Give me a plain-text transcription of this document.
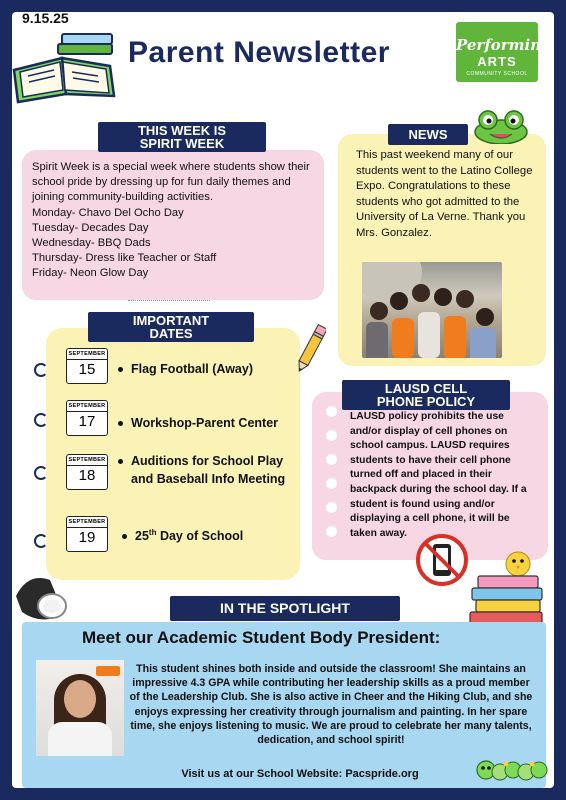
9.15.25
Parent Newsletter	Performing
ARTS
COMMUNITY SCHOOL
THIS WEEK IS
SPIRIT WEEK
Spirit Week is a special week where students show their school pride by dressing up for fun daily themes and joining community-building activities.
Monday- Chavo Del Ocho Day
Tuesday- Decades Day
Wednesday- BBQ Dads
Thursday- Dress like Teacher or Staff
Friday- Neon Glow Day
NEWS
This past weekend many of our students went to the Latino College Expo. Congratulations to these students who got admitted to the University of La Verne. Thank you Mrs. Gonzalez.
IMPORTANT
DATES
SEPTEMBER
15	Flag Football (Away)
SEPTEMBER
17	Workshop-Parent Center
SEPTEMBER
18
Auditions for School Play and Baseball Info Meeting
SEPTEMBER
19	25th Day of School
LAUSD CELL
PHONE POLICY
LAUSD policy prohibits the use and/or display of cell phones on school campus. LAUSD requires students to have their cell phone turned off and placed in their backpack during the school day. If a student is found using and/or displaying a cell phone, it will be taken away.
IN THE SPOTLIGHT
Meet our Academic Student Body President:
This student shines both inside and outside the classroom! She maintains an impressive 4.3 GPA while contributing her leadership skills as a proud member of the Leadership Club. She is also active in Cheer and the Hiking Club, and she enjoys expressing her creativity through journalism and painting. In her spare time, she enjoys listening to music. We are proud to celebrate her many talents, dedication, and school spirit!
Visit us at our School Website: Pacspride.org
